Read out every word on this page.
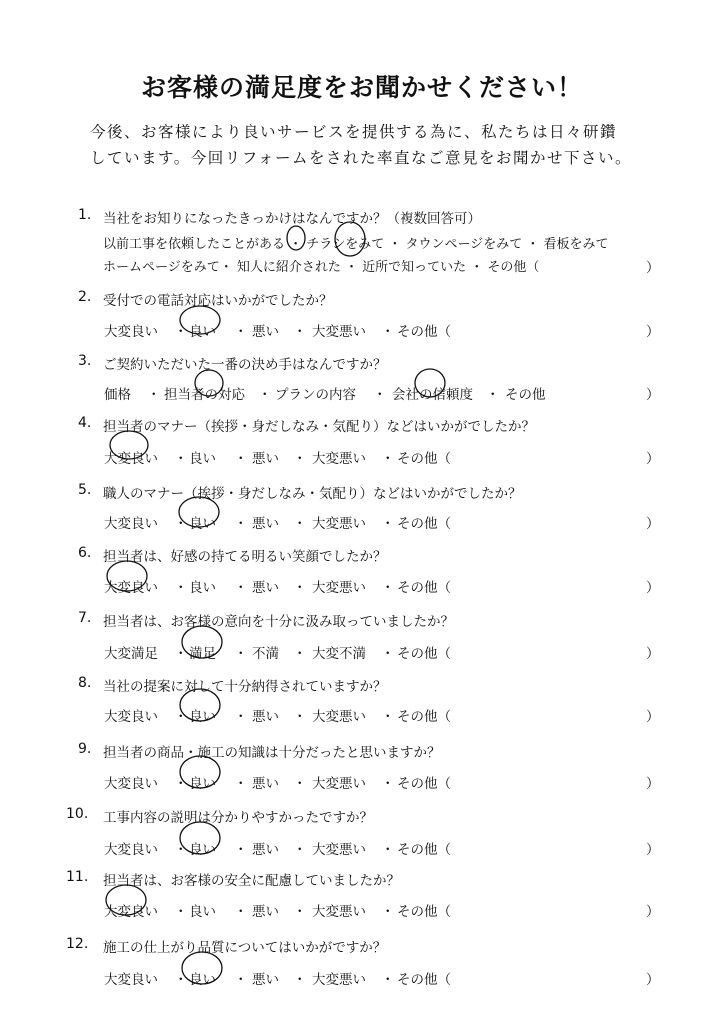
お客様の満足度をお聞かせください！
今後、お客様により良いサービスを提供する為に、私たちは日々研鑽
しています。今回リフォームをされた率直なご意見をお聞かせ下さい。
1. 当社をお知りになったきっかけはなんですか？（複数回答可）
以前工事を依頼したことがある ・ チラシをみて ・ タウンページをみて ・ 看板をみて
ホームページをみて・ 知人に紹介された ・ 近所で知っていた ・ その他（	）
2. 受付での電話対応はいかがでしたか？
大変良い 良い	悪い 大変悪い その他（
・	・	・	・	）
3. ご契約いただいた一番の決め手はなんですか？
価格 担当者の対応 プランの内容	会社の信頼度 その他
・	・	・	・	）
4. 担当者のマナー（挨拶・身だしなみ・気配り）などはいかがでしたか？
大変良い 良い	悪い 大変悪い その他（
・	・	・	・	）
5. 職人のマナー（挨拶・身だしなみ・気配り）などはいかがでしたか？
大変良い 良い	悪い 大変悪い その他（
・	・	・	・	）
6. 担当者は、好感の持てる明るい笑顔でしたか？
大変良い 良い	悪い 大変悪い その他（
・	・	・	・	）
7. 担当者は、お客様の意向を十分に汲み取っていましたか？
大変満足 満足	不満 大変不満 その他（
・	・	・	・	）
8. 当社の提案に対して十分納得されていますか？
大変良い 良い	悪い 大変悪い その他（
・	・	・	・	）
9. 担当者の商品・施工の知識は十分だったと思いますか？
大変良い 良い	悪い 大変悪い その他（
・	・	・	・	）
10. 工事内容の説明は分かりやすかったですか？
大変良い 良い	悪い 大変悪い その他（
・	・	・	・	）
11. 担当者は、お客様の安全に配慮していましたか？
大変良い 良い	悪い 大変悪い その他（
・	・	・	・	）
12. 施工の仕上がり品質についてはいかがですか？
大変良い 良い	悪い 大変悪い その他（
・	・	・	・	）
